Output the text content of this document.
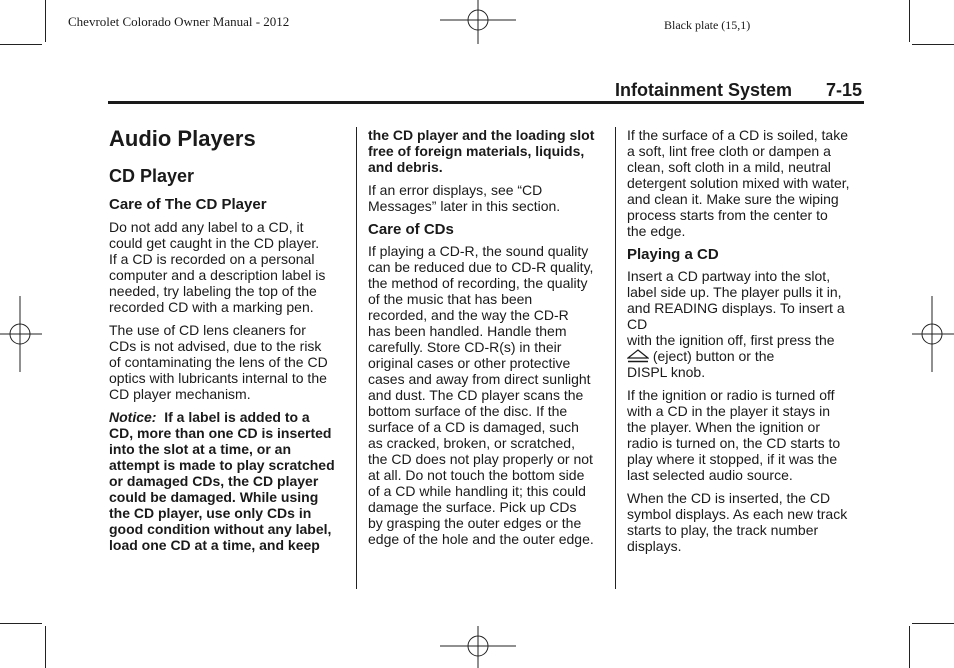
Chevrolet Colorado Owner Manual - 2012	Black plate (15,1)
Infotainment System 7-15
Audio Players
CD Player
Care of The CD Player

Do not add any label to a CD, it
could get caught in the CD player.
If a CD is recorded on a personal
computer and a description label is
needed, try labeling the top of the
recorded CD with a marking pen.

The use of CD lens cleaners for
CDs is not advised, due to the risk
of contaminating the lens of the CD
optics with lubricants internal to the
CD player mechanism.

Notice: If a label is added to a
CD, more than one CD is inserted
into the slot at a time, or an
attempt is made to play scratched
or damaged CDs, the CD player
could be damaged. While using
the CD player, use only CDs in
good condition without any label,
load one CD at a time, and keep

the CD player and the loading slot
free of foreign materials, liquids,
and debris.

If an error displays, see “CD
Messages” later in this section.

Care of CDs

If playing a CD-R, the sound quality
can be reduced due to CD-R quality,
the method of recording, the quality
of the music that has been
recorded, and the way the CD-R
has been handled. Handle them
carefully. Store CD-R(s) in their
original cases or other protective
cases and away from direct sunlight
and dust. The CD player scans the
bottom surface of the disc. If the
surface of a CD is damaged, such
as cracked, broken, or scratched,
the CD does not play properly or not
at all. Do not touch the bottom side
of a CD while handling it; this could
damage the surface. Pick up CDs
by grasping the outer edges or the
edge of the hole and the outer edge.

If the surface of a CD is soiled, take
a soft, lint free cloth or dampen a
clean, soft cloth in a mild, neutral
detergent solution mixed with water,
and clean it. Make sure the wiping
process starts from the center to
the edge.

Playing a CD

Insert a CD partway into the slot,
label side up. The player pulls it in,
and READING displays. To insert a CD
with the ignition off, first press the
(eject) button or the
DISPL knob.

If the ignition or radio is turned off
with a CD in the player it stays in
the player. When the ignition or
radio is turned on, the CD starts to
play where it stopped, if it was the
last selected audio source.

When the CD is inserted, the CD
symbol displays. As each new track
starts to play, the track number
displays.
